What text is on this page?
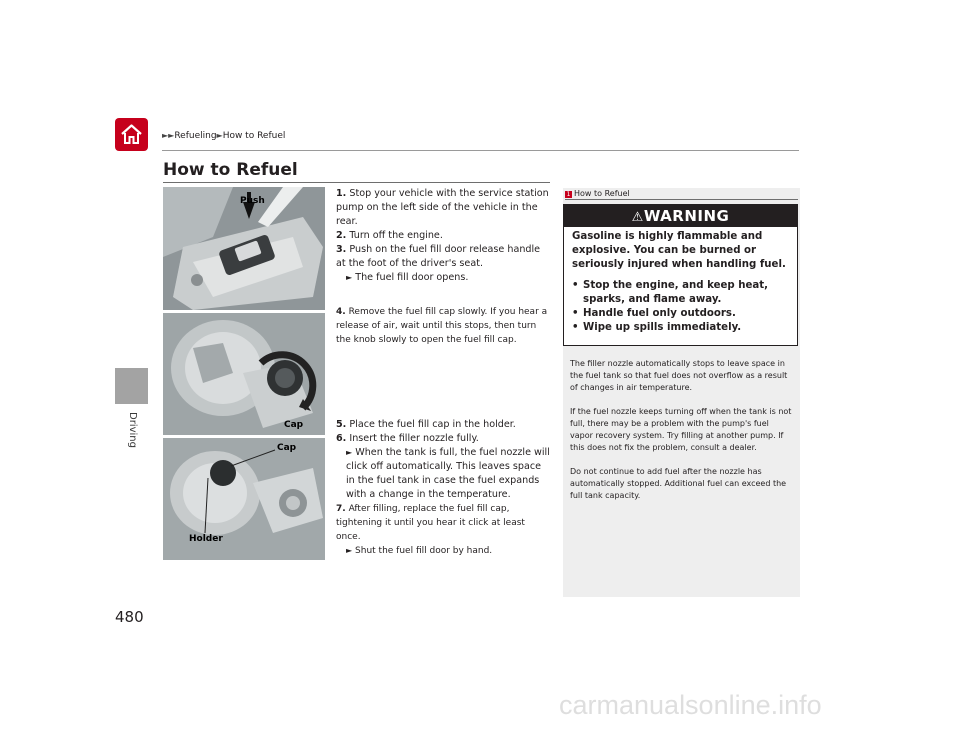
►►Refueling►How to Refuel
Driving
How to Refuel
Push
Cap
Cap
Holder
1. Stop your vehicle with the service station pump on the left side of the vehicle in the rear.
2. Turn off the engine.
3. Push on the fuel fill door release handle at the foot of the driver's seat.
► The fuel fill door opens.
4. Remove the fuel fill cap slowly. If you hear a release of air, wait until this stops, then turn the knob slowly to open the fuel fill cap.
5. Place the fuel fill cap in the holder.
6. Insert the filler nozzle fully.
► When the tank is full, the fuel nozzle will click off automatically. This leaves space in the fuel tank in case the fuel expands with a change in the temperature.
7. After filling, replace the fuel fill cap, tightening it until you hear it click at least once.
► Shut the fuel fill door by hand.
1 How to Refuel
⚠WARNING

Gasoline is highly flammable and explosive. You can be burned or seriously injured when handling fuel.

• Stop the engine, and keep heat, sparks, and flame away.
• Handle fuel only outdoors.
• Wipe up spills immediately.

The filler nozzle automatically stops to leave space in the fuel tank so that fuel does not overflow as a result of changes in air temperature.

If the fuel nozzle keeps turning off when the tank is not full, there may be a problem with the pump's fuel vapor recovery system. Try filling at another pump. If this does not fix the problem, consult a dealer.

Do not continue to add fuel after the nozzle has automatically stopped. Additional fuel can exceed the full tank capacity.

480
carmanualsonline.info
